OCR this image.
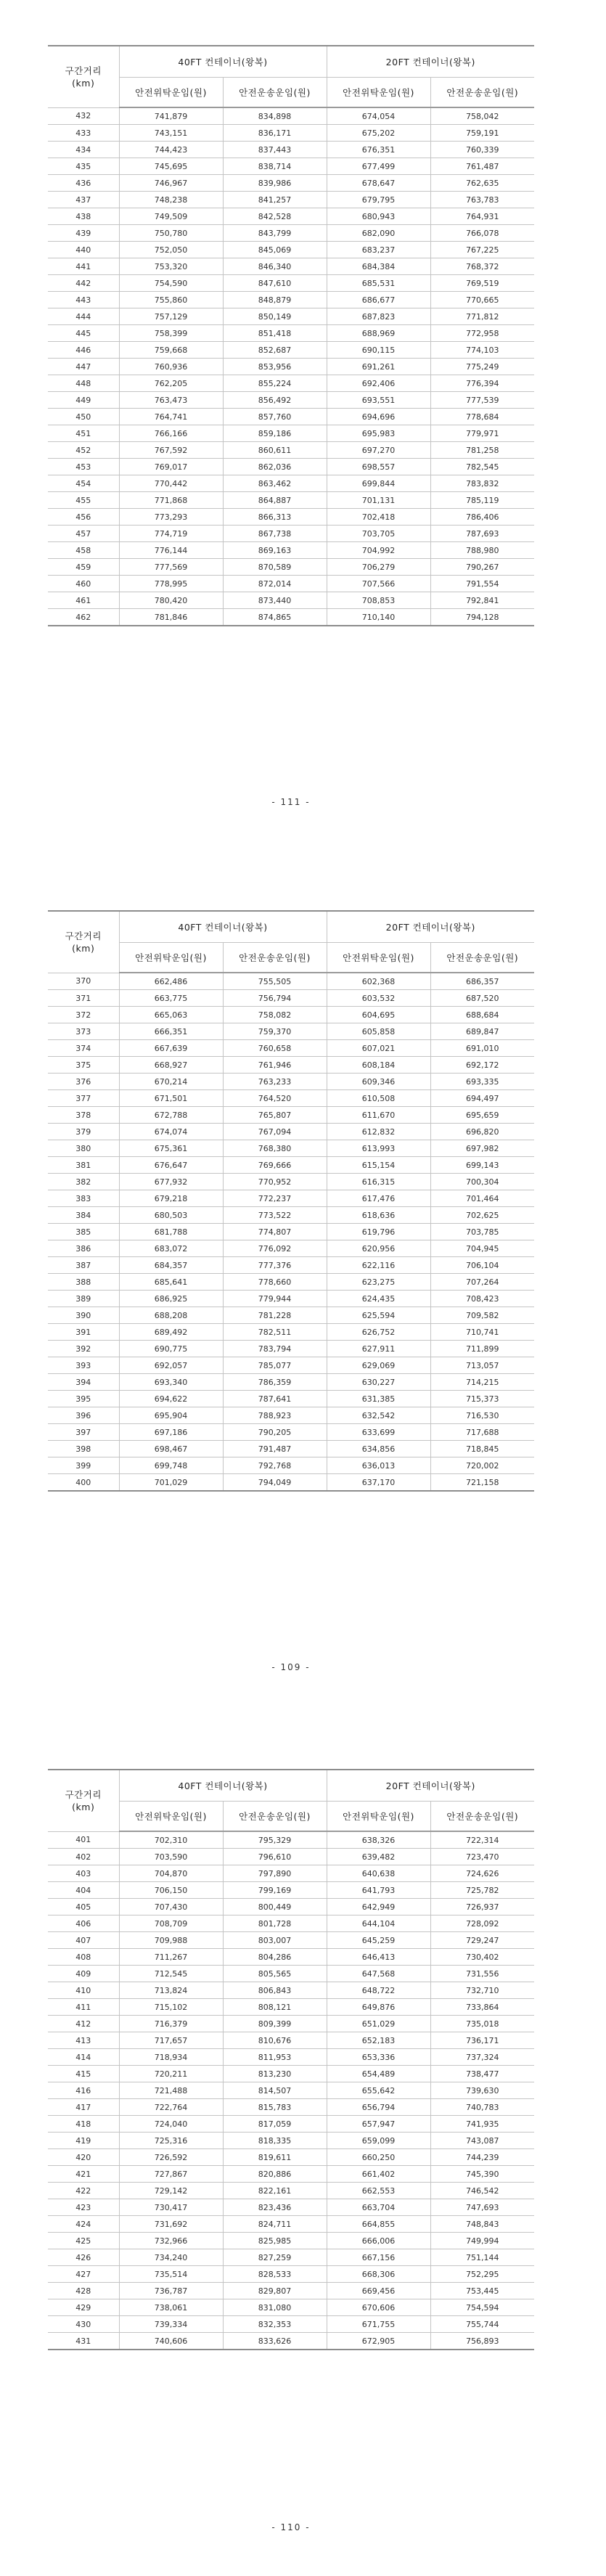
구간거리
(km)	40FT 컨테이너(왕복)		20FT 컨테이너(왕복)	
	안전위탁운임(원)	안전운송운임(원)	안전위탁운임(원)	안전운송운임(원)
432	741,879	834,898	674,054	758,042
433	743,151	836,171	675,202	759,191
434	744,423	837,443	676,351	760,339
435	745,695	838,714	677,499	761,487
436	746,967	839,986	678,647	762,635
437	748,238	841,257	679,795	763,783
438	749,509	842,528	680,943	764,931
439	750,780	843,799	682,090	766,078
440	752,050	845,069	683,237	767,225
441	753,320	846,340	684,384	768,372
442	754,590	847,610	685,531	769,519
443	755,860	848,879	686,677	770,665
444	757,129	850,149	687,823	771,812
445	758,399	851,418	688,969	772,958
446	759,668	852,687	690,115	774,103
447	760,936	853,956	691,261	775,249
448	762,205	855,224	692,406	776,394
449	763,473	856,492	693,551	777,539
450	764,741	857,760	694,696	778,684
451	766,166	859,186	695,983	779,971
452	767,592	860,611	697,270	781,258
453	769,017	862,036	698,557	782,545
454	770,442	863,462	699,844	783,832
455	771,868	864,887	701,131	785,119
456	773,293	866,313	702,418	786,406
457	774,719	867,738	703,705	787,693
458	776,144	869,163	704,992	788,980
459	777,569	870,589	706,279	790,267
460	778,995	872,014	707,566	791,554
461	780,420	873,440	708,853	792,841
462	781,846	874,865	710,140	794,128
- 111 -
구간거리
(km)	40FT 컨테이너(왕복)		20FT 컨테이너(왕복)	
	안전위탁운임(원)	안전운송운임(원)	안전위탁운임(원)	안전운송운임(원)
370	662,486	755,505	602,368	686,357
371	663,775	756,794	603,532	687,520
372	665,063	758,082	604,695	688,684
373	666,351	759,370	605,858	689,847
374	667,639	760,658	607,021	691,010
375	668,927	761,946	608,184	692,172
376	670,214	763,233	609,346	693,335
377	671,501	764,520	610,508	694,497
378	672,788	765,807	611,670	695,659
379	674,074	767,094	612,832	696,820
380	675,361	768,380	613,993	697,982
381	676,647	769,666	615,154	699,143
382	677,932	770,952	616,315	700,304
383	679,218	772,237	617,476	701,464
384	680,503	773,522	618,636	702,625
385	681,788	774,807	619,796	703,785
386	683,072	776,092	620,956	704,945
387	684,357	777,376	622,116	706,104
388	685,641	778,660	623,275	707,264
389	686,925	779,944	624,435	708,423
390	688,208	781,228	625,594	709,582
391	689,492	782,511	626,752	710,741
392	690,775	783,794	627,911	711,899
393	692,057	785,077	629,069	713,057
394	693,340	786,359	630,227	714,215
395	694,622	787,641	631,385	715,373
396	695,904	788,923	632,542	716,530
397	697,186	790,205	633,699	717,688
398	698,467	791,487	634,856	718,845
399	699,748	792,768	636,013	720,002
400	701,029	794,049	637,170	721,158
- 109 -
구간거리
(km)	40FT 컨테이너(왕복)		20FT 컨테이너(왕복)	
	안전위탁운임(원)	안전운송운임(원)	안전위탁운임(원)	안전운송운임(원)
401	702,310	795,329	638,326	722,314
402	703,590	796,610	639,482	723,470
403	704,870	797,890	640,638	724,626
404	706,150	799,169	641,793	725,782
405	707,430	800,449	642,949	726,937
406	708,709	801,728	644,104	728,092
407	709,988	803,007	645,259	729,247
408	711,267	804,286	646,413	730,402
409	712,545	805,565	647,568	731,556
410	713,824	806,843	648,722	732,710
411	715,102	808,121	649,876	733,864
412	716,379	809,399	651,029	735,018
413	717,657	810,676	652,183	736,171
414	718,934	811,953	653,336	737,324
415	720,211	813,230	654,489	738,477
416	721,488	814,507	655,642	739,630
417	722,764	815,783	656,794	740,783
418	724,040	817,059	657,947	741,935
419	725,316	818,335	659,099	743,087
420	726,592	819,611	660,250	744,239
421	727,867	820,886	661,402	745,390
422	729,142	822,161	662,553	746,542
423	730,417	823,436	663,704	747,693
424	731,692	824,711	664,855	748,843
425	732,966	825,985	666,006	749,994
426	734,240	827,259	667,156	751,144
427	735,514	828,533	668,306	752,295
428	736,787	829,807	669,456	753,445
429	738,061	831,080	670,606	754,594
430	739,334	832,353	671,755	755,744
431	740,606	833,626	672,905	756,893
- 110 -
